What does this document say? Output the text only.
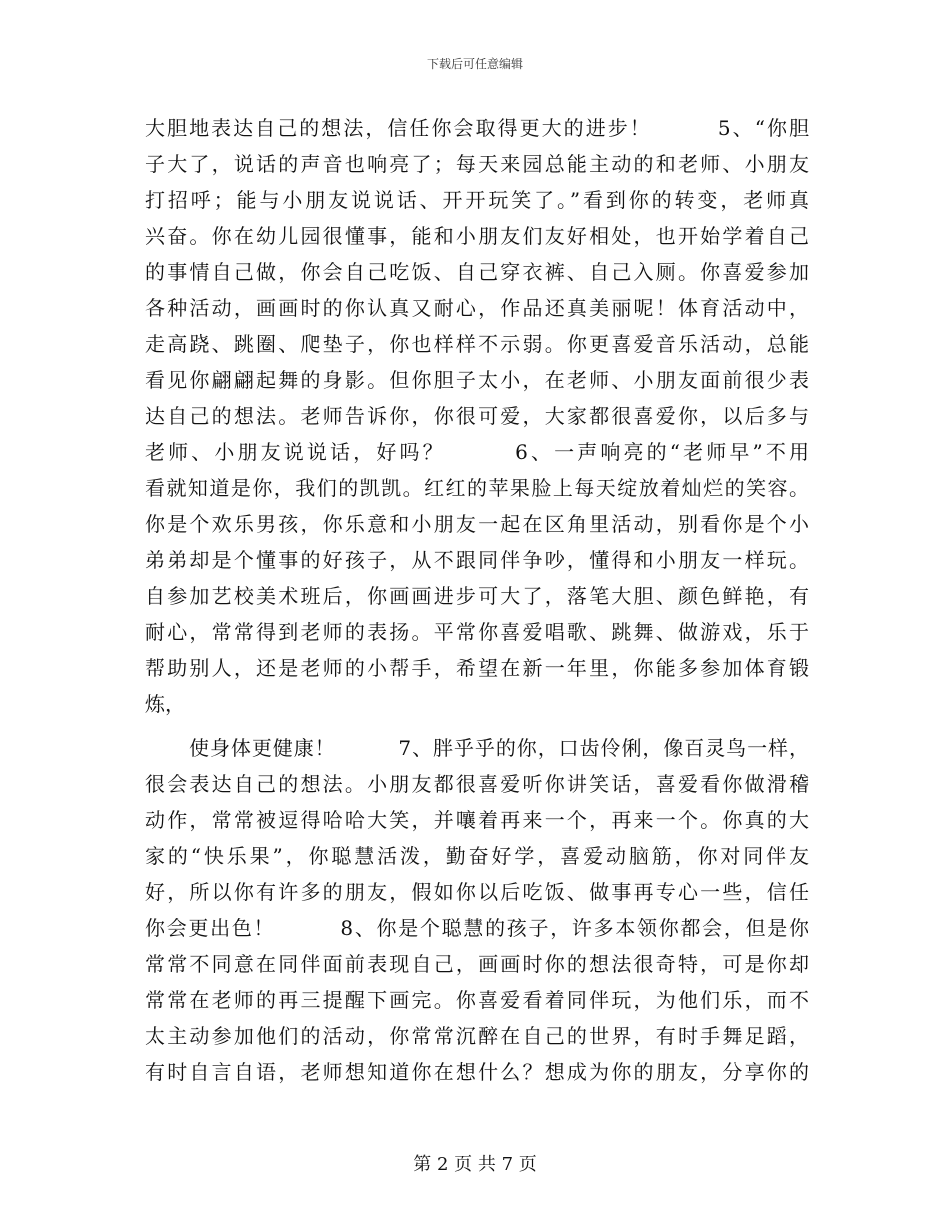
下载后可任意编辑
大胆地表达自己的想法，信任你会取得更大的进步！　　　5、“你胆
子大了，说话的声音也响亮了；每天来园总能主动的和老师、小朋友
打招呼；能与小朋友说说话、开开玩笑了。”看到你的转变，老师真
兴奋。你在幼儿园很懂事，能和小朋友们友好相处，也开始学着自己
的事情自己做，你会自己吃饭、自己穿衣裤、自己入厕。你喜爱参加
各种活动，画画时的你认真又耐心，作品还真美丽呢！体育活动中，
走高跷、跳圈、爬垫子，你也样样不示弱。你更喜爱音乐活动，总能
看见你翩翩起舞的身影。但你胆子太小，在老师、小朋友面前很少表
达自己的想法。老师告诉你，你很可爱，大家都很喜爱你，以后多与
老师、小朋友说说话，好吗？　　　6、一声响亮的“老师早”不用
看就知道是你，我们的凯凯。红红的苹果脸上每天绽放着灿烂的笑容。
你是个欢乐男孩，你乐意和小朋友一起在区角里活动，别看你是个小
弟弟却是个懂事的好孩子，从不跟同伴争吵，懂得和小朋友一样玩。
自参加艺校美术班后，你画画进步可大了，落笔大胆、颜色鲜艳，有
耐心，常常得到老师的表扬。平常你喜爱唱歌、跳舞、做游戏，乐于
帮助别人，还是老师的小帮手，希望在新一年里，你能多参加体育锻
炼，
使身体更健康！　　　7、胖乎乎的你，口齿伶俐，像百灵鸟一样，
很会表达自己的想法。小朋友都很喜爱听你讲笑话，喜爱看你做滑稽
动作，常常被逗得哈哈大笑，并嚷着再来一个，再来一个。你真的大
家的“快乐果”，你聪慧活泼，勤奋好学，喜爱动脑筋，你对同伴友
好，所以你有许多的朋友，假如你以后吃饭、做事再专心一些，信任
你会更出色！　　　8、你是个聪慧的孩子，许多本领你都会，但是你
常常不同意在同伴面前表现自己，画画时你的想法很奇特，可是你却
常常在老师的再三提醒下画完。你喜爱看着同伴玩，为他们乐，而不
太主动参加他们的活动，你常常沉醉在自己的世界，有时手舞足蹈，
有时自言自语，老师想知道你在想什么？想成为你的朋友，分享你的
第 2 页 共 7 页
